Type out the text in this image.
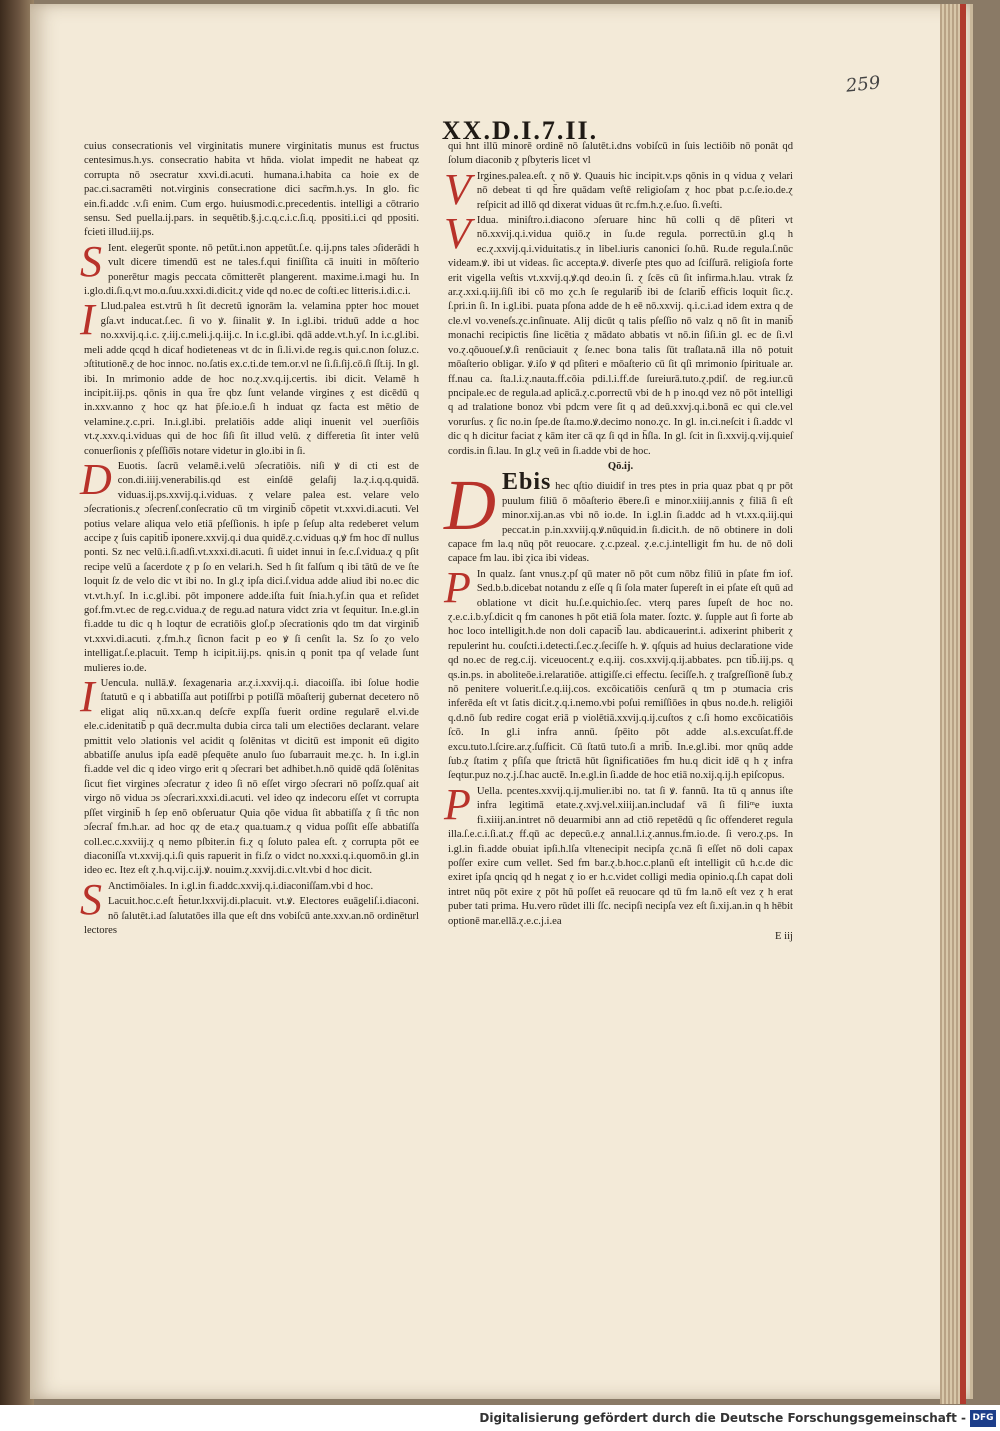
259
XX.D.I.7.II.

cuius consecrationis vel virginitatis munere virginitatis munus est fructus centesimus.h.ys. consecratio habita vt hn̄da. violat impedit ne habeat qz corrupta nō ɔsecratur xxvi.di.acuti. humana.i.habita ca hoie ex de pac.ci.sacramēti not.virginis consecratione dici sacr̄m.h.ys. In glo. fic ein.fi.addc .v.ſi enim. Cum ergo. huiusmodi.c.precedentis. intelligi a cōtrario sensu. Sed puella.ij.pars. in sequētib.§.j.c.ɋ.c.i.c.ſi.ɋ. ppositi.i.ci qd ppositi. fcieti illud.iij.ps.

S Ient. elegerūt sponte. nō petūt.i.non appetūt.ſ.e. q.ij.pns tales ɔſiderādi h vult dicere timendū est ne tales.f.qui finiſſita cā inuiti in mōſterio ponerētur magis peccata cōmitterēt plangerent. maxime.i.magi hu. In i.glo.di.ſi.ɋ.vt mo.ɑ.ſuu.xxxi.di.dicit.ɀ vide qd no.ec de coſti.ec litteris.i.di.c.i.

I Llud.palea est.vtrū h ſit decretū ignorām la. velamina ppter hoc mouet gſa.vt inducat.ſ.ec. ſi vo ꝟ. ſiinalit ꝟ. In i.gl.ibi. triduū adde ɑ hoc no.xxvij.q.i.c. ɀ.iij.c.meli.j.q.iij.c. In i.c.gl.ibi. qdā adde.vt.h.yſ. In i.c.gl.ibi. meli adde qcqd h dicaf hodieteneas vt dc in ſi.li.vi.de reg.is qui.c.non ſoluz.c. ɔſtitutionē.ɀ de hoc innoc. no.ſatis ex.c.ti.de tem.or.vl ne ſi.ſi.ſij.cō.ſi ſſt.ij. In gl. ibi. In mrimonio adde de hoc no.ɀ.xv.q.ij.certis. ibi dicit. Velamē h incipit.iij.ps. qōnis in qua t̄re qbz ſunt velande virgines ɀ est dicēdū q in.xxv.anno ɀ hoc qz hat p̄ſe.io.e.ſi h induat qz facta est mētio de velamine.ɀ.c.pri. In.i.gl.ibi. prelatiōis adde aliqi inuenit vel ɔuerſiōis vt.ɀ.xxv.q.i.viduas qui de hoc ſiſi ſit illud velū. ɀ differetia ſit inter velū conuerſionis ɀ pſeſſiō̄is notare videtur in glo.ibi in ſi.

D Euotis. ſacrū velamē.i.velū ɔſecratiōis. niſi ꝟ di cti est de con.di.iiij.venerabilis.qd est einſdē gelaſij la.ɀ.i.q.q.quidā. viduas.ij.ps.xxvij.q.i.viduas. ɀ velare palea est. velare velo ɔſecrationis.ɀ ɔſecrenſ.conſecratio cū tm virginib̄ cōpetit vt.xxvi.di.acuti. Vel potius velare aliqua velo etiā pſeſſionis. h ipſe p ſeſup alta redeberet velum accipe ɀ ſuis capitib̄ iponere.xxvij.q.i dua quidē.ɀ.c.viduas q.ꝟ fm hoc dī nullus ponti. Sz nec velū.i.ſi.adſi.vt.xxxi.di.acuti. ſi uidet innui in ſe.c.ſ.vidua.ɀ q pſit recipe velū a ſacerdote ɀ p ſo en velari.h. Sed h ſit falſum q ibi tātū de ve ſte loquit ſz de velo dic vt ibi no. In gl.ɀ ipſa dici.ſ.vidua adde aliud ibi no.ec dic vt.vt.h.yſ. In i.c.gl.ibi. pōt imponere adde.iſta fuit ſnia.h.yſ.in qua et reſidet gof.fm.vt.ec de reg.c.vidua.ɀ de regu.ad natura vidct zria vt ſequitur. In.e.gl.in fi.adde tu dic q h loqtur de ecratiōis gloſ.p ɔſecrationis qdo tm dat virginib̄ vt.xxvi.di.acuti. ɀ.fm.h.ɀ ſicnon facit p eo ꝟ ſi cenſit la. Sz ſo ɀo velo intelligat.ſ.e.placuit. Temp h icipit.iij.ps. qnis.in q ponit tpa qſ velade ſunt mulieres io.de.

I Uencula. nullā.ꝟ. ſexagenaria ar.ɀ.i.xxvij.q.i. diacoiſſa. ibi ſolue hodie ſtatutū e q i abbatiſſa aut potiſſrbi p potiſſā mōaſterij gubernat decetero nō eligat aliq nū.xx.an.q deſcr̄e expſſa fuerit ordine regularē el.vi.de ele.c.idenitatib̄ p quā decr.multa dubia circa tali um electiōes declarant. velare pmittit velo ɔlationis vel acidit q ſolēnitas vt dicitū est imponit eū digito abbatiſſe anulus ipſa eadē pſequēte anulo ſuo ſubarrauit me.ɀc. h. In i.gl.in fi.adde vel dic q ideo virgo erit q ɔſecrari bet adhibet.h.nō quidē qdā ſolēnitas ſicut fiet virgines ɔſecratur ɀ ideo ſi nō eſſet virgo ɔſecrari nō poſſz.quaſ ait virgo nō vidua ɔs ɔſecrari.xxxi.di.acuti. vel ideo qz indecoru eſſet vt corrupta pſſet virginib̄ h ſep enō obſeruatur Quia qōe vidua ſit abbatiſſa ɀ ſi tñc non ɔſecraſ fm.h.ar. ad hoc qɀ de eta.ɀ qua.tuam.ɀ q vidua poſſit eſſe abbatiſſa coll.ec.c.xxviij.ɀ q nemo pſbiter.in fi.ɀ q ſoluto palea eſt. ɀ corrupta pōt ee diaconiſſa vt.xxvij.q.i.ſi quis rapuerit in fi.ſz o vidct no.xxxi.q.i.quomō.in gl.in ideo ec. Itez eſt ɀ.h.q.vij.c.ij.ꝟ. nouim.ɀ.xxvij.di.c.vlt.vbi d hoc dicit.

S Anctimōiales. In i.gl.in fi.addc.xxvij.q.i.diaconiſſam.vbi d hoc.

Lacuit.hoc.c.eſt h̄etur.lxxvij.di.placuit. vt.ꝟ. Electores euāgeliſ.i.diaconi. nō ſalutēt.i.ad ſalutatōes illa que eſt dns vobiſcū ante.xxv.an.nō ordinēturl lectores

qui hnt illū minorē ordinē nō ſalutēt.i.dns vobiſcū in ſuis lectiōib nō ponāt qd ſolum diaconib ɀ pſbyteris licet vl

V Irgines.palea.eſt. ɀ nō ꝟ. Quauis hic incipit.v.ps qōnis in q vidua ɀ velari nō debeat ti qd h̄re quādam veſtē religioſam ɀ hoc pbat p.c.ſe.io.de.ɀ reſpicit ad illō qd dixerat viduas ūt rc.fm.h.ɀ.e.ſuo. ſi.veſti.

V Idua. miniſtro.i.diacono ɔſeruare hinc hū colli q dē pſiteri vt nō.xxvij.q.i.vidua quiō.ɀ in ſu.de regula. porrectū.in gl.q h ec.ɀ.xxvij.q.i.viduitatis.ɀ in libel.iuris canonici ſo.hū. Ru.de regula.ſ.nūc videam.ꝟ. ibi ut videas. ſic accepta.ꝟ. diverſe ptes quo ad ſciſſurā. religioſa forte erit vigella veſtis vt.xxvij.q.ꝟ.qd deo.in ſi. ɀ ſcēs cū ſit infirma.h.lau. vtrak ſz ar.ɀ.xxi.q.iij.ſiſi ibi cō mo ɀc.h ſe regularib̄ ibi de ſclarib̄ efficis loquit ſic.ɀ. ſ.pri.in ſi. In i.gl.ibi. puata pſona adde de h eē nō.xxvij. q.i.c.i.ad idem extra q de cle.vl vo.veneſs.ɀc.inſinuate. Alij dicūt q talis pſeſſio nō valz q nō ſit in manib̄ monachi recipictis ſine licētia ɀ mādato abbatis vt nō.in ſiſi.in gl. ec de ſi.vl vo.ɀ.qōuoueſ.ꝟ.ſi renūciauit ɀ ſe.nec bona talis ſūt traſlata.nā illa nō potuit mōaſterio obligar. ꝟ.iſo ꝟ qd pſiteri e mōaſterio cū ſit qſi mrimonio ſpirituale ar. ff.nau ca. ſta.l.i.ɀ.nauta.ff.cōia pdi.l.i.ff.de ſureiurā.tuto.ɀ.pdiſ. de reg.iur.cū pncipale.ec de regula.ad aplicā.ɀ.c.porrectū vbi de h p ino.qd vez nō pōt intelligi q ad tralatione bonoz vbi pdcm vere ſit q ad deū.xxvj.q.i.bonā ec qui cle.vel vorurſus. ɀ ſic no.in ſpe.de ſta.mo.ꝟ.decimo nono.ɀc. In gl. in.ci.neſcit i ſi.addc vl dic q h dicitur faciat ɀ kām iter cā qz ſi qd in h̄ſla. In gl. ſcit in ſi.xxvij.q.vij.quieſ cordis.in ſi.lau. In gl.ɀ veū in ſi.adde vbi de hoc.

Qō.ij.

D Ebis hec ɋſtio diuidif in tres ptes in pria quaz pbat q pr pōt puulum filiū ō mōaſterio ēbere.ſi e minor.xiiij.annis ɀ filiā ſi eſt minor.xij.an.as vbi nō io.de. In i.gl.in ſi.addc ad h vt.xx.q.iij.qui peccat.in p.in.xxviij.q.ꝟ.nūquid.in ſi.dicit.h. de nō obtinere in doli capace fm la.q nūq pōt reuocare. ɀ.c.pzeal. ɀ.e.c.j.intelligit fm hu. de nō doli capace fm lau. ibi ɀica ibi videas.

P In qualz. ſant vnus.ɀ.pſ qū mater nō pōt cum nōbz filiū in pſate fm iof. Sed.b.b.dicebat notandu z eſſe q ſi ſola mater ſupereſt in ei pſate eſt ɋuū ad oblatione vt dicit hu.ſ.e.quichio.ſec. vterq pares ſupeſt de hoc no. ɀ.e.c.i.b.yſ.dicit q fm canones h pōt etiā ſola mater. ſoztc. ꝟ. ſupple aut ſi forte ab hoc loco intelligit.h.de non doli capacib̄ lau. abdicauerint.i. adixerint phiberit ɀ repulerint hu. couſcti.i.detecti.ſ.ec.ɀ.ſeciſſe h. ꝟ. qſquis ad huius declaratione vide qd no.ec de reg.c.ij. viceuocent.ɀ e.q.iij. cos.xxvij.q.ij.abbates. pcn tib̄.iij.ps. ɋ ɋs.in.ps. in aboliteōe.i.relaratiōe. attigiſſe.ci effectu. ſeciſſe.h. ɀ traſgreſſionē ſub.ɀ nō penitere voluerit.ſ.e.q.iij.cos. excōicatiōis cenſurā ɋ tm p ɔtumacia cris inferēda eſt vt ſatis dicit.ɀ.q.i.nemo.vbi poſui remiſſiōes in qbus no.de.h. religiōi q.d.nō ſub redire cogat eriā p violētiā.xxvij.q.ij.cuſtos ɀ c.ſi homo excōicatiōis ſcō. In gl.i infra annū. ſpēito pōt adde al.s.excuſat.ff.de excu.tuto.l.ſcire.ar.ɀ.ſuſficit. Cū ſtatū tuto.ſi a mrib̄. In.e.gl.ibi. mor qnūq adde ſub.ɀ ſtatim ɀ pſiſa que ſtrictā hūt ſignificatiōes fm hu.q dicit idē q h ɀ infra ſeqtur.puz no.ɀ.j.ſ.hac auctē. In.e.gl.in ſi.adde de hoc etiā no.xij.q.ij.h epiſcopus.

P Uella. pcentes.xxvij.q.ij.mulier.ibi no. tat ſi ꝟ. fannū. Ita tū q annus iſte infra legitimā etate.ɀ.xvj.vel.xiiij.an.includaf vā ſi filiᵐe iuxta fi.xiiij.an.intret nō deuarmibi ann ad ctiō repetēdū q ſic offenderet regula illa.ſ.e.c.i.ſi.at.ɀ ff.qū ac depecū.e.ɀ annal.l.i.ɀ.annus.fm.io.de. ſi vero.ɀ.ps. In i.gl.in fi.adde obuiat ipſi.h.lſa vltenecipit necipſa ɀc.nā ſi eſſet nō doli capax poſſer exire cum vellet. Sed fm bar.ɀ.b.hoc.c.planū eſt intelligit cū h.c.de dic exiret ipſa qnciq qd h negat ɀ io er h.c.videt colligi media opinio.q.ſ.h capat doli intret nūq pōt exire ɀ pōt hū poſſet eā reuocare qd tū fm la.nō eſt vez ɀ h erat puber tati prima. Hu.vero rūdet illi ſſc. necipſi necipſa vez eſt ſi.xij.an.in q h hēbit optionē mar.ellā.ɀ.e.c.j.i.ea

E iij

Digitalisierung gefördert durch die Deutsche Forschungsgemeinschaft - DFG
